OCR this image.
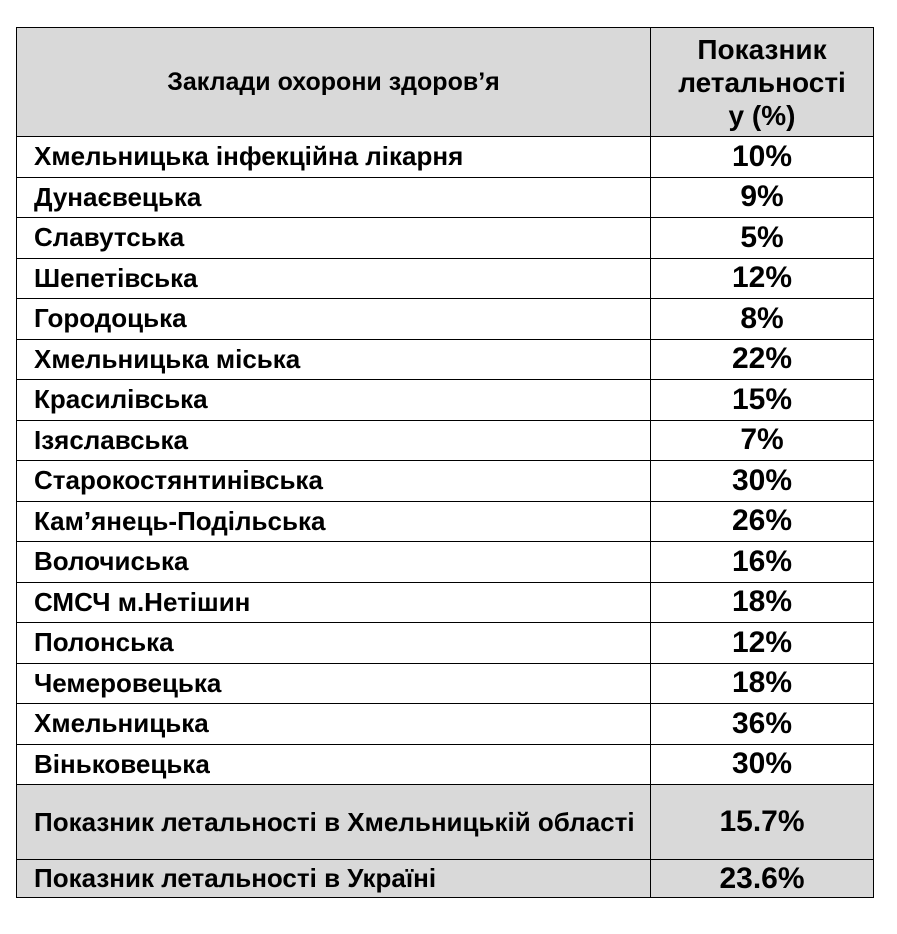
Заклади охорони здоров’я	Показник
летальності
у (%)
Хмельницька інфекційна лікарня	10%
Дунаєвецька	9%
Славутська	5%
Шепетівська	12%
Городоцька	8%
Хмельницька міська	22%
Красилівська	15%
Ізяславська	7%
Старокостянтинівська	30%
Кам’янець-Подільська	26%
Волочиська	16%
СМСЧ м.Нетішин	18%
Полонська	12%
Чемеровецька	18%
Хмельницька	36%
Віньковецька	30%
Показник летальності в Хмельницькій області	15.7%
Показник летальності в Україні	23.6%
